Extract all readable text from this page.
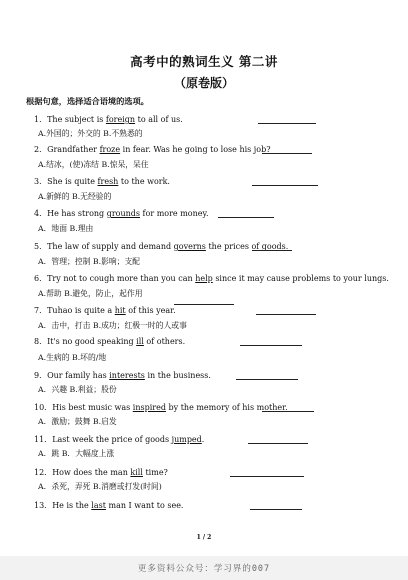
高考中的熟词生义 第二讲
（原卷版）
根据句意，选择适合语境的选项。
1．The subject is foreign to all of us.
A.外国的；外交的 B.不熟悉的
2．Grandfather froze in fear. Was he going to lose his job?
A.结冰，(使)冻结 B.惊呆，呆住
3．She is quite fresh to the work.
A.新鲜的 B.无经验的
4．He has strong grounds for more money.
A．地面 B.理由
5．The law of supply and demand governs the prices of goods.
A．管理；控制 B.影响；支配
6．Try not to cough more than you can help since it may cause problems to your lungs.
A.帮助 B.避免，防止，起作用
7．Tuhao is quite a hit of this year.
A．击中，打击 B.成功；红极一时的人或事
8．It's no good speaking ill of others.
A.生病的 B.坏的/地
9．Our family has interests in the business.
A．兴趣 B.利益；股份
10．His best music was inspired by the memory of his mother.
A．激励；鼓舞 B.启发
11．Last week the price of goods jumped.
A．跳 B．大幅度上涨
12．How does the man kill time?
A．杀死，弄死 B.消磨或打发(时间)
13．He is the last man I want to see.
1 / 2
更多资料公众号：学习界的007
